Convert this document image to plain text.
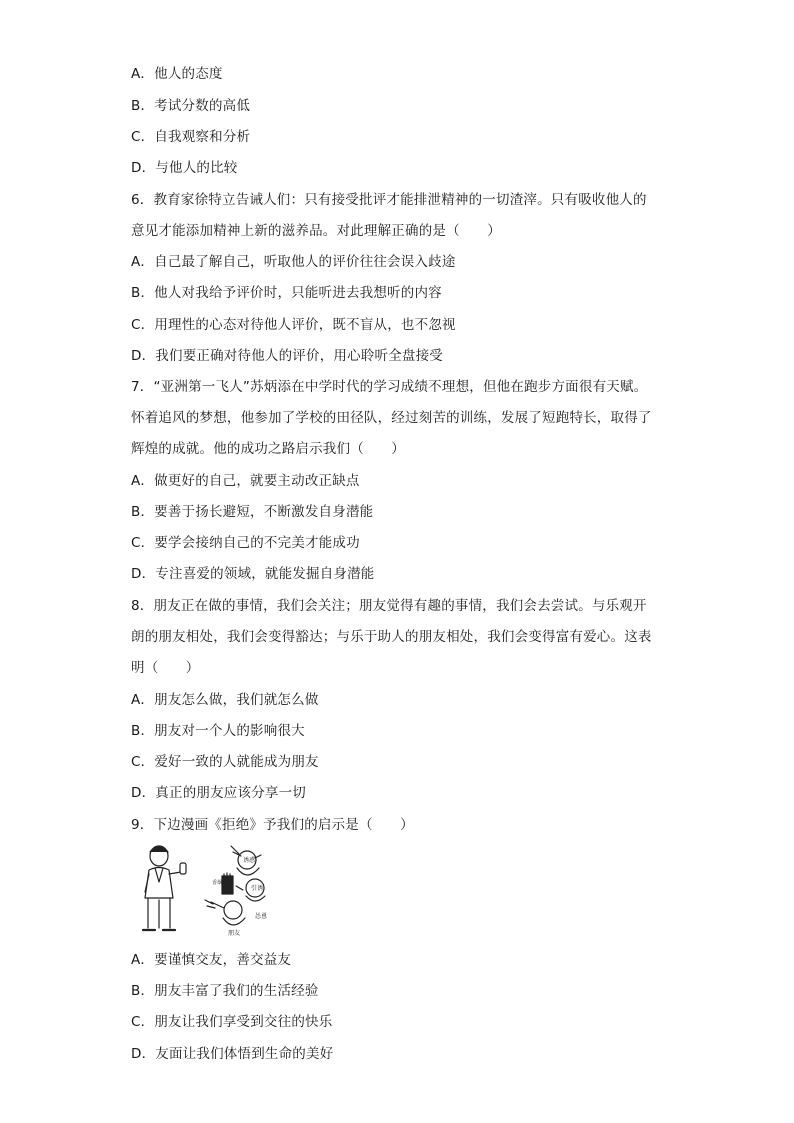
A．他人的态度
B．考试分数的高低
C．自我观察和分析
D．与他人的比较
6．教育家徐特立告诫人们：只有接受批评才能排泄精神的一切渣滓。只有吸收他人的
意见才能添加精神上新的滋养品。对此理解正确的是（　　）
A．自己最了解自己，听取他人的评价往往会误入歧途
B．他人对我给予评价时，只能听进去我想听的内容
C．用理性的心态对待他人评价，既不盲从，也不忽视
D．我们要正确对待他人的评价，用心聆听全盘接受
7．“亚洲第一飞人”苏炳添在中学时代的学习成绩不理想，但他在跑步方面很有天赋。
怀着追风的梦想，他参加了学校的田径队，经过刻苦的训练，发展了短跑特长，取得了
辉煌的成就。他的成功之路启示我们（　　）
A．做更好的自己，就要主动改正缺点
B．要善于扬长避短，不断激发自身潜能
C．要学会接纳自己的不完美才能成功
D．专注喜爱的领域，就能发掘自身潜能
8．朋友正在做的事情，我们会关注；朋友觉得有趣的事情，我们会去尝试。与乐观开
朗的朋友相处，我们会变得豁达；与乐于助人的朋友相处，我们会变得富有爱心。这表
明（　　）
A．朋友怎么做，我们就怎么做
B．朋友对一个人的影响很大
C．爱好一致的人就能成为朋友
D．真正的朋友应该分享一切
9．下边漫画《拒绝》予我们的启示是（　　）
诱惑
引诱
怂恿
朋友
香烟
A．要谨慎交友，善交益友
B．朋友丰富了我们的生活经验
C．朋友让我们享受到交往的快乐
D．友面让我们体悟到生命的美好
